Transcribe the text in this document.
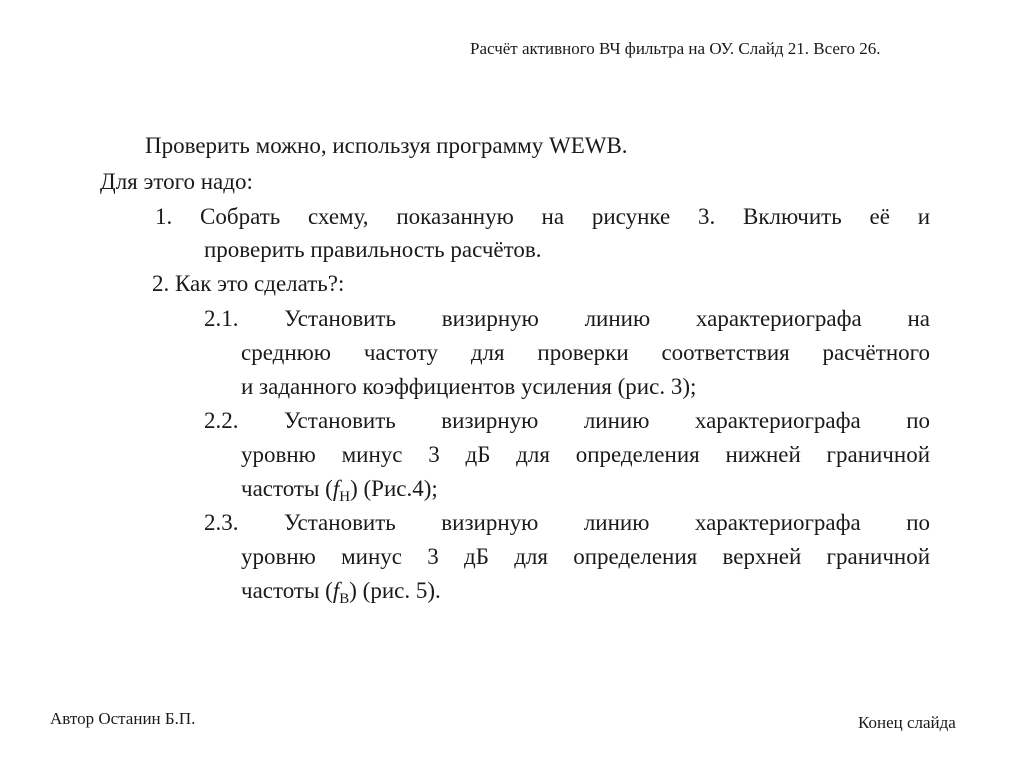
Расчёт активного ВЧ фильтра на ОУ. Слайд 21. Всего 26.
Проверить можно, используя программу WEWB.
Для этого надо:
1. Собрать схему, показанную на рисунке 3. Включить её и
проверить правильность расчётов.
2. Как это сделать?:
2.1. Установить визирную линию характериографа на
среднюю частоту для проверки соответствия расчётного
и заданного коэффициентов усиления (рис. 3);
2.2. Установить визирную линию характериографа по
уровню минус 3 дБ для определения нижней граничной
частоты $(f_Н)$ (Рис.4);
2.3. Установить визирную линию характериографа по
уровню минус 3 дБ для определения верхней граничной
частоты $(f_В)$ (рис. 5).
Автор Останин Б.П.	Конец слайда
